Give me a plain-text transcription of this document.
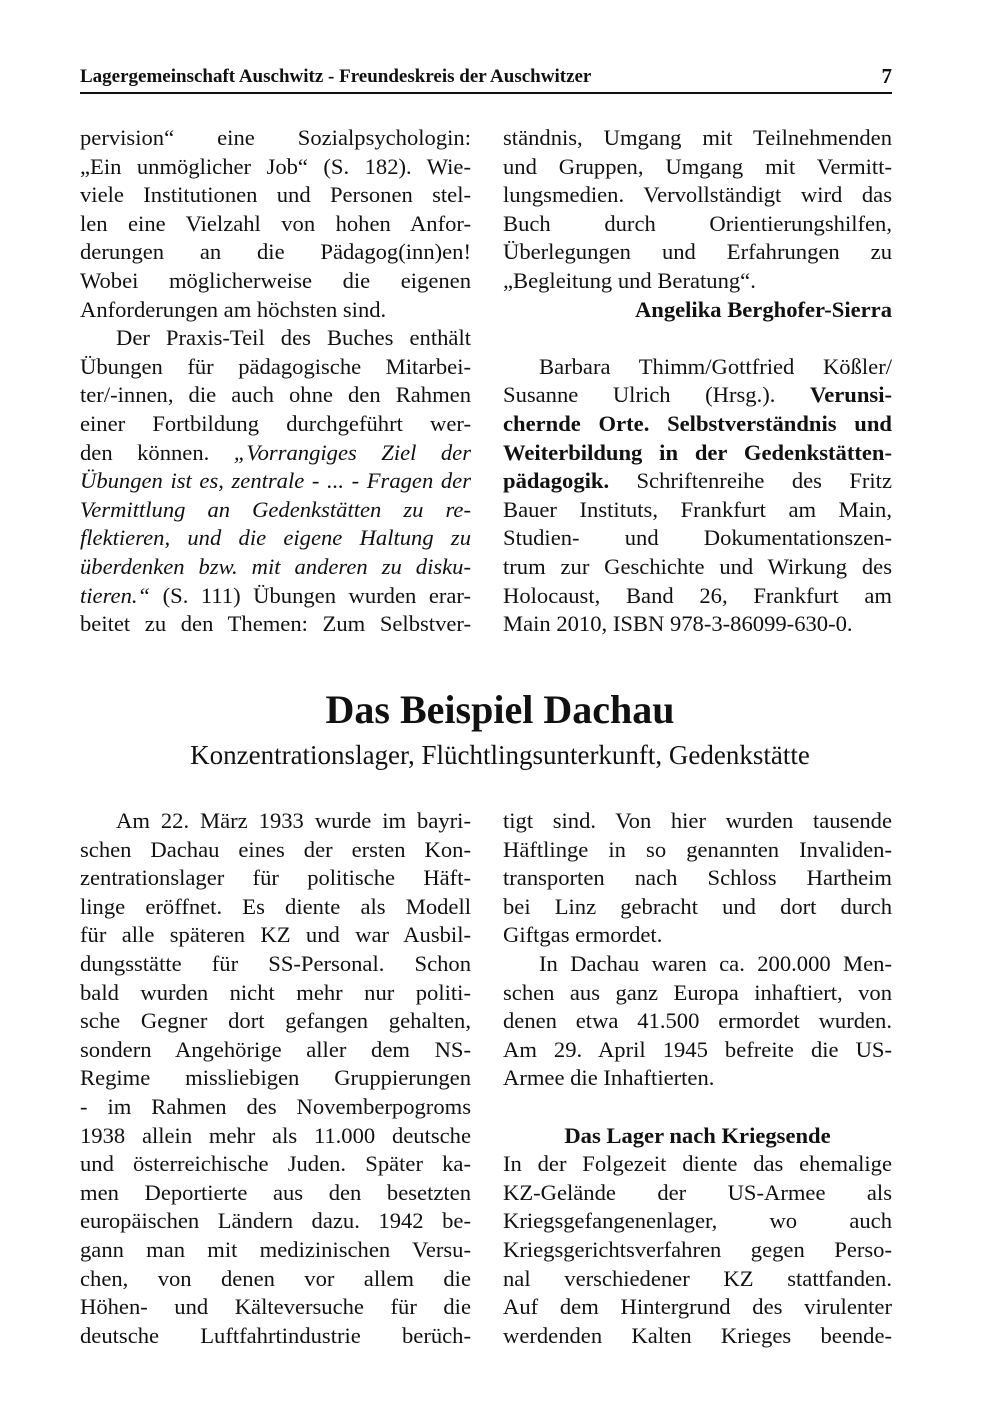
Lagergemeinschaft Auschwitz - Freundeskreis der Auschwitzer	7
pervision“ eine Sozialpsychologin:
„Ein unmöglicher Job“ (S. 182). Wie-
viele Institutionen und Personen stel-
len eine Vielzahl von hohen Anfor-
derungen an die Pädagog(inn)en!
Wobei möglicherweise die eigenen
Anforderungen am höchsten sind.
Der Praxis-Teil des Buches enthält
Übungen für pädagogische Mitarbei-
ter/-innen, die auch ohne den Rahmen
einer Fortbildung durchgeführt wer-
den können. „Vorrangiges Ziel der
Übungen ist es, zentrale - ... - Fragen der
Vermittlung an Gedenkstätten zu re-
flektieren, und die eigene Haltung zu
überdenken bzw. mit anderen zu disku-
tieren.“ (S. 111) Übungen wurden erar-
beitet zu den Themen: Zum Selbstver-
ständnis, Umgang mit Teilnehmenden
und Gruppen, Umgang mit Vermitt-
lungsmedien. Vervollständigt wird das
Buch durch Orientierungshilfen,
Überlegungen und Erfahrungen zu
„Begleitung und Beratung“.
Angelika Berghofer-Sierra
Barbara Thimm/Gottfried Kößler/
Susanne Ulrich (Hrsg.). Verunsi-
chernde Orte. Selbstverständnis und
Weiterbildung in der Gedenkstätten-
pädagogik. Schriftenreihe des Fritz
Bauer Instituts, Frankfurt am Main,
Studien- und Dokumentationszen-
trum zur Geschichte und Wirkung des
Holocaust, Band 26, Frankfurt am
Main 2010, ISBN 978-3-86099-630-0.
Das Beispiel Dachau
Konzentrationslager, Flüchtlingsunterkunft, Gedenkstätte
Am 22. März 1933 wurde im bayri-
schen Dachau eines der ersten Kon-
zentrationslager für politische Häft-
linge eröffnet. Es diente als Modell
für alle späteren KZ und war Ausbil-
dungsstätte für SS-Personal. Schon
bald wurden nicht mehr nur politi-
sche Gegner dort gefangen gehalten,
sondern Angehörige aller dem NS-
Regime missliebigen Gruppierungen
- im Rahmen des Novemberpogroms
1938 allein mehr als 11.000 deutsche
und österreichische Juden. Später ka-
men Deportierte aus den besetzten
europäischen Ländern dazu. 1942 be-
gann man mit medizinischen Versu-
chen, von denen vor allem die
Höhen- und Kälteversuche für die
deutsche Luftfahrtindustrie berüch-
tigt sind. Von hier wurden tausende
Häftlinge in so genannten Invaliden-
transporten nach Schloss Hartheim
bei Linz gebracht und dort durch
Giftgas ermordet.
In Dachau waren ca. 200.000 Men-
schen aus ganz Europa inhaftiert, von
denen etwa 41.500 ermordet wurden.
Am 29. April 1945 befreite die US-
Armee die Inhaftierten.
Das Lager nach Kriegsende
In der Folgezeit diente das ehemalige
KZ-Gelände der US-Armee als
Kriegsgefangenenlager, wo auch
Kriegsgerichtsverfahren gegen Perso-
nal verschiedener KZ stattfanden.
Auf dem Hintergrund des virulenter
werdenden Kalten Krieges beende-
